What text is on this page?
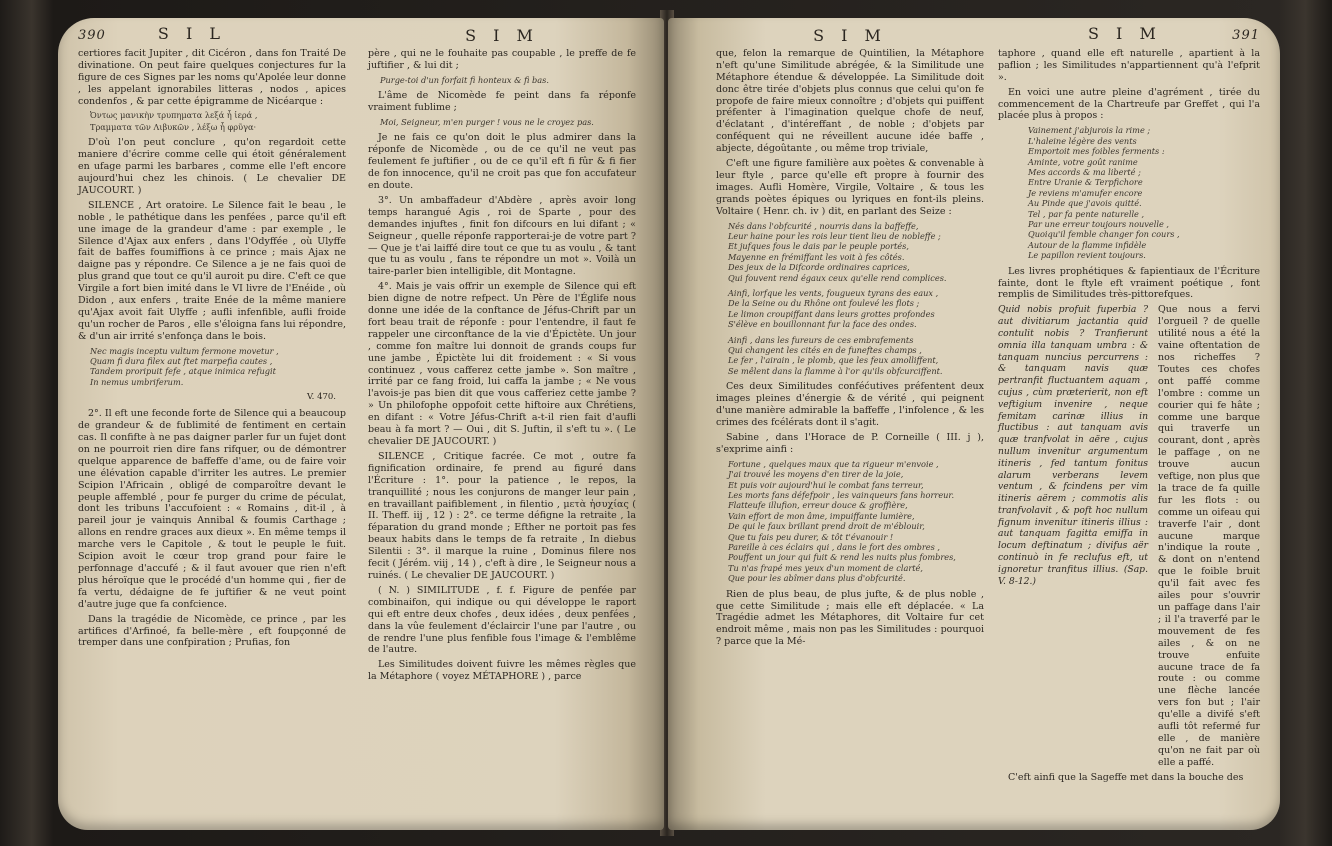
390	S I L

certiores facit Jupiter , dit Cicéron , dans fon Traité De divinatione. On peut faire quelques conjectures fur la figure de ces Signes par les noms qu'Apolée leur donne , les appelant ignorabiles litteras , nodos , apices condenfos , & par cette épigramme de Nicéarque :

Ὀντως μανικὴν τρυπηματα λεξά ἦ ἱερά ,

Τραμματα τῶν Λιβυκῶν , λέξω ἦ φρῦγα·

D'où l'on peut conclure , qu'on regardoit cette maniere d'écrire comme celle qui étoit généralement en ufage parmi les barbares , comme elle l'eft encore aujourd'hui chez les chinois. ( Le chevalier DE JAUCOURT. )

SILENCE , Art oratoire. Le Silence fait le beau , le noble , le pathétique dans les penfées , parce qu'il eft une image de la grandeur d'ame : par exemple , le Silence d'Ajax aux enfers , dans l'Odyffée , où Ulyffe fait de baffes foumiffions à ce prince ; mais Ajax ne daigne pas y répondre. Ce Silence a je ne fais quoi de plus grand que tout ce qu'il auroit pu dire. C'eft ce que Virgile a fort bien imité dans le VI livre de l'Enéide , où Didon , aux enfers , traite Enée de la même maniere qu'Ajax avoit fait Ulyffe ; aufli infenfible, aufli froide qu'un rocher de Paros , elle s'éloigna fans lui répondre, & d'un air irrité s'enfonça dans le bois.

Nec magis inceptu vultum fermone movetur ,
Quam fi dura filex aut ftet marpefia cautes ,
Tandem proripuit fefe , atque inimica refugit
In nemus umbriferum.

V. 470.

2°. Il eft une feconde forte de Silence qui a beaucoup de grandeur & de fublimité de fentiment en certain cas. Il confifte à ne pas daigner parler fur un fujet dont on ne pourroit rien dire fans rifquer, ou de démontrer quelque apparence de baffeffe d'ame, ou de faire voir une élévation capable d'irriter les autres. Le premier Scipion l'Africain , obligé de comparoître devant le peuple affemblé , pour fe purger du crime de péculat, dont les tribuns l'accufoient : « Romains , dit-il , à pareil jour je vainquis Annibal & foumis Carthage ; allons en rendre graces aux dieux ». En même temps il marche vers le Capitole , & tout le peuple le fuit. Scipion avoit le cœur trop grand pour faire le perfonnage d'accufé ; & il faut avouer que rien n'eft plus héroïque que le procédé d'un homme qui , fier de fa vertu, dédaigne de fe juftifier & ne veut point d'autre juge que fa confcience.

Dans la tragédie de Nicomède, ce prince , par les artifices d'Arfinoé, fa belle-mère , eft foupçonné de tremper dans une confpiration ; Prufias, fon

S I M

père , qui ne le fouhaite pas coupable , le preffe de fe juftifier , & lui dit ;

Purge-toi d'un forfait fi honteux & fi bas.

L'âme de Nicomède fe peint dans fa réponfe vraiment fublime ;

Moi, Seigneur, m'en purger ! vous ne le croyez pas.

Je ne fais ce qu'on doit le plus admirer dans la réponfe de Nicomède , ou de ce qu'il ne veut pas feulement fe juftifier , ou de ce qu'il eft fi fûr & fi fier de fon innocence, qu'il ne croit pas que fon accufateur en doute.

3°. Un ambaffadeur d'Abdère , après avoir long temps harangué Agis , roi de Sparte , pour des demandes injuftes , finit fon difcours en lui difant ; « Seigneur , quelle réponfe rapporterai-je de votre part ? — Que je t'ai laiffé dire tout ce que tu as voulu , & tant que tu as voulu , fans te répondre un mot ». Voilà un taire-parler bien intelligible, dit Montagne.

4°. Mais je vais offrir un exemple de Silence qui eft bien digne de notre refpect. Un Père de l'Églife nous donne une idée de la conftance de Jéfus-Chrift par un fort beau trait de réponfe : pour l'entendre, il faut fe rappeler une circonftance de la vie d'Épictète. Un jour , comme fon maître lui donnoit de grands coups fur une jambe , Épictète lui dit froidement : « Si vous continuez , vous cafferez cette jambe ». Son maître , irrité par ce fang froid, lui caffa la jambe ; « Ne vous l'avois-je pas bien dit que vous cafferiez cette jambe ? » Un philofophe oppofoit cette hiftoire aux Chrétiens, en difant : « Votre Jéfus-Chrift a-t-il rien fait d'aufli beau à fa mort ? — Oui , dit S. Juftin, il s'eft tu ». ( Le chevalier DE JAUCOURT. )

SILENCE , Critique facrée. Ce mot , outre fa fignification ordinaire, fe prend au figuré dans l'Écriture : 1°. pour la patience , le repos, la tranquillité ; nous les conjurons de manger leur pain , en travaillant paifiblement , in filentio , μετὰ ἡσυχίας ( II. Theff. iij , 12 ) : 2°. ce terme défigne la retraite , la féparation du grand monde ; Efther ne portoit pas fes beaux habits dans le temps de fa retraite , In diebus Silentii : 3°. il marque la ruine , Dominus filere nos fecit ( Jérém. viij , 14 ) , c'eft à dire , le Seigneur nous a ruinés. ( Le chevalier DE JAUCOURT. )

( N. ) SIMILITUDE , f. f. Figure de penfée par combinaifon, qui indique ou qui développe le raport qui eft entre deux chofes , deux idées , deux penfées , dans la vûe feulement d'éclaircir l'une par l'autre , ou de rendre l'une plus fenfible fous l'image & l'emblême de l'autre.

Les Similitudes doivent fuivre les mêmes règles que la Métaphore ( voyez MÉTAPHORE ) , parce

S I M

que, felon la remarque de Quintilien, la Métaphore n'eft qu'une Similitude abrégée, & la Similitude une Métaphore étendue & développée. La Similitude doit donc être tirée d'objets plus connus que celui qu'on fe propofe de faire mieux connoître ; d'objets qui puiffent préfenter à l'imagination quelque chofe de neuf, d'éclatant , d'intéreffant , de noble ; d'objets par conféquent qui ne réveillent aucune idée baffe , abjecte, dégoûtante , ou même trop triviale,

C'eft une figure familière aux poètes & convenable à leur ftyle , parce qu'elle eft propre à fournir des images. Aufli Homère, Virgile, Voltaire , & tous les grands poètes épiques ou lyriques en font-ils pleins. Voltaire ( Henr. ch. iv ) dit, en parlant des Seize :

Nés dans l'obfcurité , nourris dans la baffeffe,
Leur haine pour les rois leur tient lieu de nobleffe ;
Et jufques fous le dais par le peuple portés,
Mayenne en frémiffant les voit à fes côtés.
Des jeux de la Difcorde ordinaires caprices,
Qui fouvent rend égaux ceux qu'elle rend complices.
Ainfi, lorfque les vents, fougueux tyrans des eaux ,
De la Seine ou du Rhône ont foulevé les flots ;
Le limon croupiffant dans leurs grottes profondes
S'élève en bouillonnant fur la face des ondes.
Ainfi , dans les fureurs de ces embrafements
Qui changent les cités en de funeftes champs ,
Le fer , l'airain , le plomb, que les feux amolliffent,
Se mêlent dans la flamme à l'or qu'ils obfcurciffent.

Ces deux Similitudes conféćutives préfentent deux images pleines d'énergie & de vérité , qui peignent d'une manière admirable la baffeffe , l'infolence , & les crimes des fcélérats dont il s'agit.

Sabine , dans l'Horace de P. Corneille ( III. j ), s'exprime ainfi :

Fortune , quelques maux que ta rigueur m'envoie ,
J'ai trouvé les moyens d'en tirer de la joie,
Et puis voir aujourd'hui le combat fans terreur,
Les morts fans défefpoir , les vainqueurs fans horreur.
Flatteufe illufion, erreur douce & groffière,
Vain effort de mon âme, impuiffante lumière,
De qui le faux brillant prend droit de m'éblouir,
Que tu fais peu durer, & tôt t'évanouir !
Pareille à ces éclairs qui , dans le fort des ombres ,
Pouffent un jour qui fuit & rend les nuits plus fombres,
Tu n'as frapé mes yeux d'un moment de clarté,
Que pour les abîmer dans plus d'obfcurité.

Rien de plus beau, de plus jufte, & de plus noble , que cette Similitude ; mais elle eft déplacée. « La Tragédie admet les Métaphores, dit Voltaire fur cet endroit même , mais non pas les Similitudes : pourquoi ? parce que la Mé-

S I M	391

taphore , quand elle eft naturelle , apartient à la paflion ; les Similitudes n'appartiennent qu'à l'efprit ».

En voici une autre pleine d'agrément , tirée du commencement de la Chartreufe par Greffet , qui l'a placée plus à propos :

Vainement j'abjurois la rime ;
L'haleine légère des vents
Emportoit mes foibles ferments :
Aminte, votre goût ranime
Mes accords & ma liberté ;
Entre Uranie & Terpfichore
Je reviens m'amufer encore
Au Pinde que j'avois quitté.
Tel , par fa pente naturelle ,
Par une erreur toujours nouvelle ,
Quoiqu'il femble changer fon cours ,
Autour de la flamme infidèle
Le papillon revient toujours.

Les livres prophétiques & fapientiaux de l'Écriture fainte, dont le ftyle eft vraiment poétique , font remplis de Similitudes très-pittorefques.

Quid nobis profuit fuperbia ? aut divitiarum jactantia quid contulit nobis ? Tranfierunt omnia illa tanquam umbra : & tanquam nuncius percurrens : & tanquam navis quæ pertranfit fluctuantem aquam , cujus , cùm præterierit, non eft veftigium invenire , neque femitam carinæ illius in fluctibus : aut tanquam avis quæ tranfvolat in aëre , cujus nullum invenitur argumentum itineris , fed tantum fonitus alarum verberans levem ventum , & fcindens per vim itineris aërem ; commotis alis tranfvolavit , & poft hoc nullum fignum invenitur itineris illius : aut tanquam fagitta emiffa in locum deftinatum ; divifus aër continuò in fe reclufus eft, ut ignoretur tranfitus illius. (Sap. V. 8-12.)
Que nous a fervi l'orgueil ? de quelle utilité nous a été la vaine oftentation de nos richeffes ? Toutes ces chofes ont paffé comme l'ombre : comme un courier qui fe hâte ; comme une barque qui traverfe un courant, dont , après le paffage , on ne trouve aucun veftige, non plus que la trace de fa quille fur les flots : ou comme un oifeau qui traverfe l'air , dont aucune marque n'indique la route , & dont on n'entend que le foible bruit qu'il fait avec fes ailes pour s'ouvrir un paffage dans l'air ; il l'a traverfé par le mouvement de fes ailes , & on ne trouve enfuite aucune trace de fa route : ou comme une flèche lancée vers fon but ; l'air qu'elle a divifé s'eft aufli tôt refermé fur elle , de manière qu'on ne fait par où elle a paffé.

C'eft ainfi que la Sageffe met dans la bouche des
